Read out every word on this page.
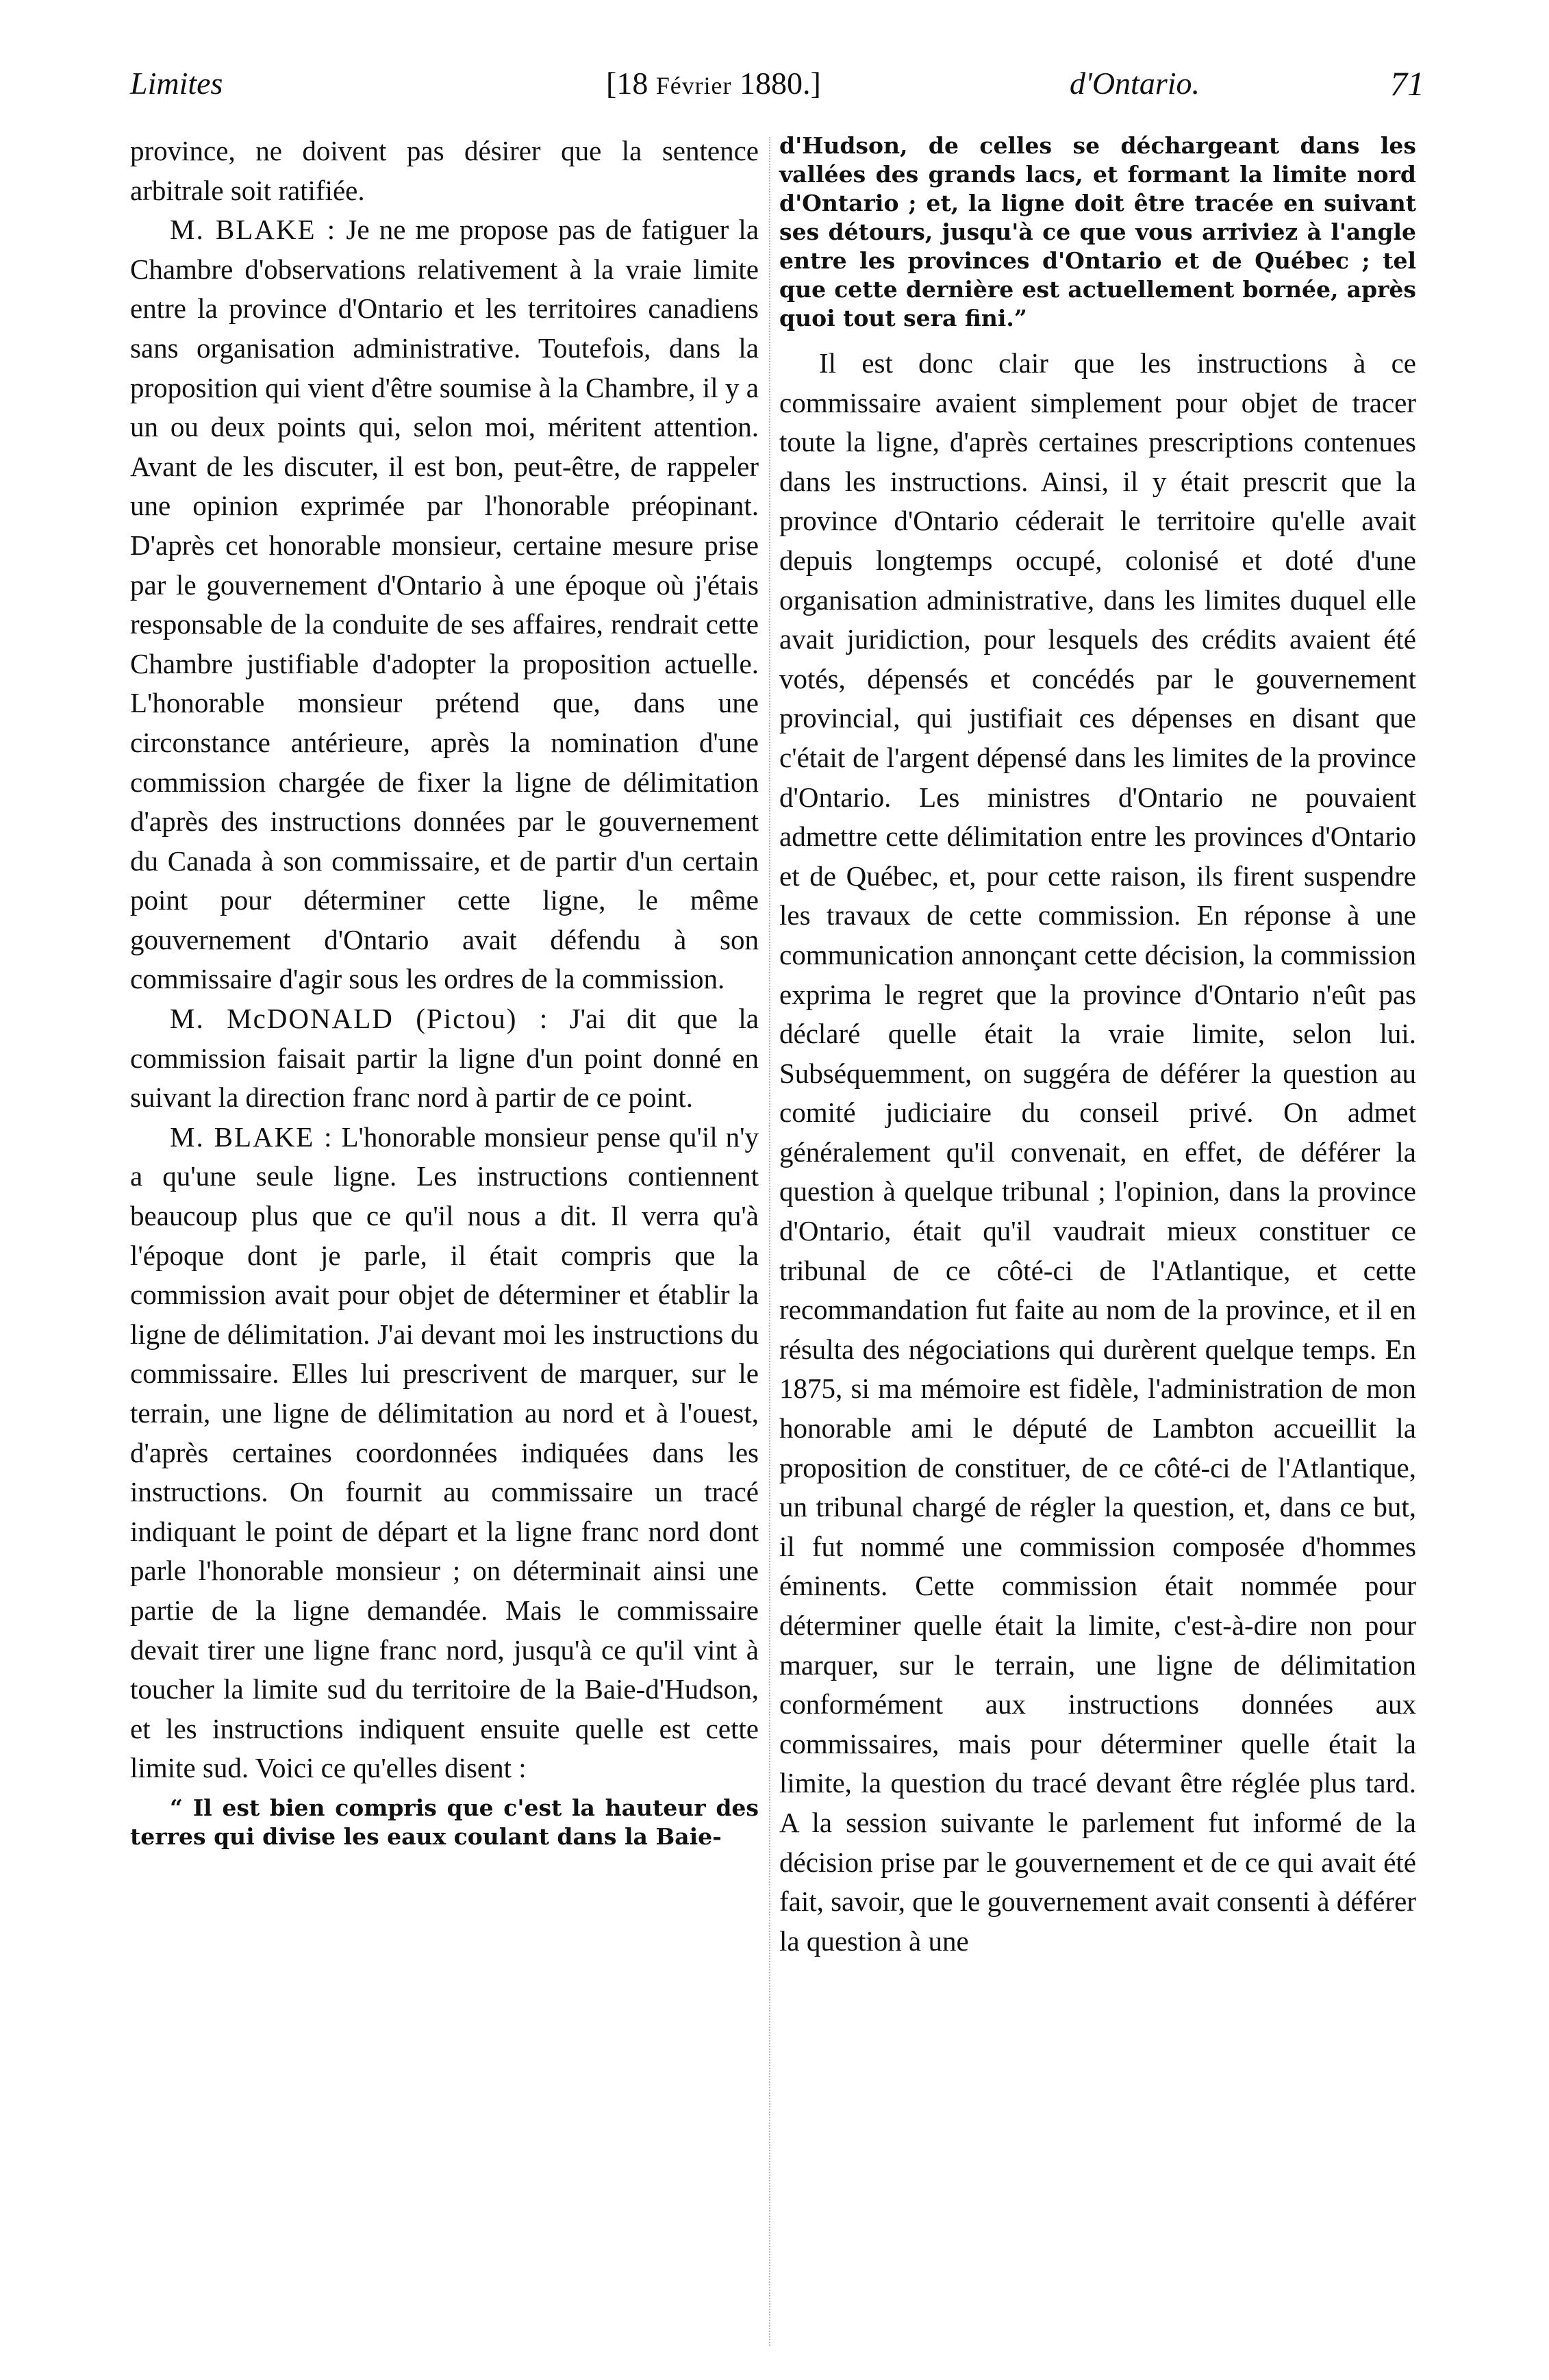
Limites	[18 Février 1880.]	d'Ontario.	71

province, ne doivent pas désirer que la sentence arbitrale soit ratifiée.

M. BLAKE : Je ne me propose pas de fatiguer la Chambre d'observations relativement à la vraie limite entre la province d'Ontario et les territoires canadiens sans organisation administrative. Toutefois, dans la proposition qui vient d'être soumise à la Chambre, il y a un ou deux points qui, selon moi, méritent attention. Avant de les discuter, il est bon, peut-être, de rappeler une opinion exprimée par l'honorable préopinant. D'après cet honorable monsieur, certaine mesure prise par le gouvernement d'Ontario à une époque où j'étais responsable de la conduite de ses affaires, rendrait cette Chambre justifiable d'adopter la proposition actuelle. L'honorable monsieur prétend que, dans une circonstance antérieure, après la nomination d'une commission chargée de fixer la ligne de délimitation d'après des instructions données par le gouvernement du Canada à son commissaire, et de partir d'un certain point pour déterminer cette ligne, le même gouvernement d'Ontario avait défendu à son commissaire d'agir sous les ordres de la commission.

M. McDONALD (Pictou) : J'ai dit que la commission faisait partir la ligne d'un point donné en suivant la direction franc nord à partir de ce point.

M. BLAKE : L'honorable monsieur pense qu'il n'y a qu'une seule ligne. Les instructions contiennent beaucoup plus que ce qu'il nous a dit. Il verra qu'à l'époque dont je parle, il était compris que la commission avait pour objet de déterminer et établir la ligne de délimitation. J'ai devant moi les instructions du commissaire. Elles lui prescrivent de marquer, sur le terrain, une ligne de délimitation au nord et à l'ouest, d'après certaines coordonnées indiquées dans les instructions. On fournit au commissaire un tracé indiquant le point de départ et la ligne franc nord dont parle l'honorable monsieur ; on déterminait ainsi une partie de la ligne demandée. Mais le commissaire devait tirer une ligne franc nord, jusqu'à ce qu'il vint à toucher la limite sud du territoire de la Baie-d'Hudson, et les instructions indiquent ensuite quelle est cette limite sud. Voici ce qu'elles disent :

“ Il est bien compris que c'est la hauteur des terres qui divise les eaux coulant dans la Baie-

d'Hudson, de celles se déchargeant dans les vallées des grands lacs, et formant la limite nord d'Ontario ; et, la ligne doit être tracée en suivant ses détours, jusqu'à ce que vous arriviez à l'angle entre les provinces d'Ontario et de Québec ; tel que cette dernière est actuellement bornée, après quoi tout sera fini.”

Il est donc clair que les instructions à ce commissaire avaient simplement pour objet de tracer toute la ligne, d'après certaines prescriptions contenues dans les instructions. Ainsi, il y était prescrit que la province d'Ontario céderait le territoire qu'elle avait depuis longtemps occupé, colonisé et doté d'une organisation administrative, dans les limites duquel elle avait juridiction, pour lesquels des crédits avaient été votés, dépensés et concédés par le gouvernement provincial, qui justifiait ces dépenses en disant que c'était de l'argent dépensé dans les limites de la province d'Ontario. Les ministres d'Ontario ne pouvaient admettre cette délimitation entre les provinces d'Ontario et de Québec, et, pour cette raison, ils firent suspendre les travaux de cette commission. En réponse à une communication annonçant cette décision, la commission exprima le regret que la province d'Ontario n'eût pas déclaré quelle était la vraie limite, selon lui. Subséquemment, on suggéra de déférer la question au comité judiciaire du conseil privé. On admet généralement qu'il convenait, en effet, de déférer la question à quelque tribunal ; l'opinion, dans la province d'Ontario, était qu'il vaudrait mieux constituer ce tribunal de ce côté-ci de l'Atlantique, et cette recommandation fut faite au nom de la province, et il en résulta des négociations qui durèrent quelque temps. En 1875, si ma mémoire est fidèle, l'administration de mon honorable ami le député de Lambton accueillit la proposition de constituer, de ce côté-ci de l'Atlantique, un tribunal chargé de régler la question, et, dans ce but, il fut nommé une commission composée d'hommes éminents. Cette commission était nommée pour déterminer quelle était la limite, c'est-à-dire non pour marquer, sur le terrain, une ligne de délimitation conformément aux instructions données aux commissaires, mais pour déterminer quelle était la limite, la question du tracé devant être réglée plus tard. A la session suivante le parlement fut informé de la décision prise par le gouvernement et de ce qui avait été fait, savoir, que le gouvernement avait consenti à déférer la question à une
